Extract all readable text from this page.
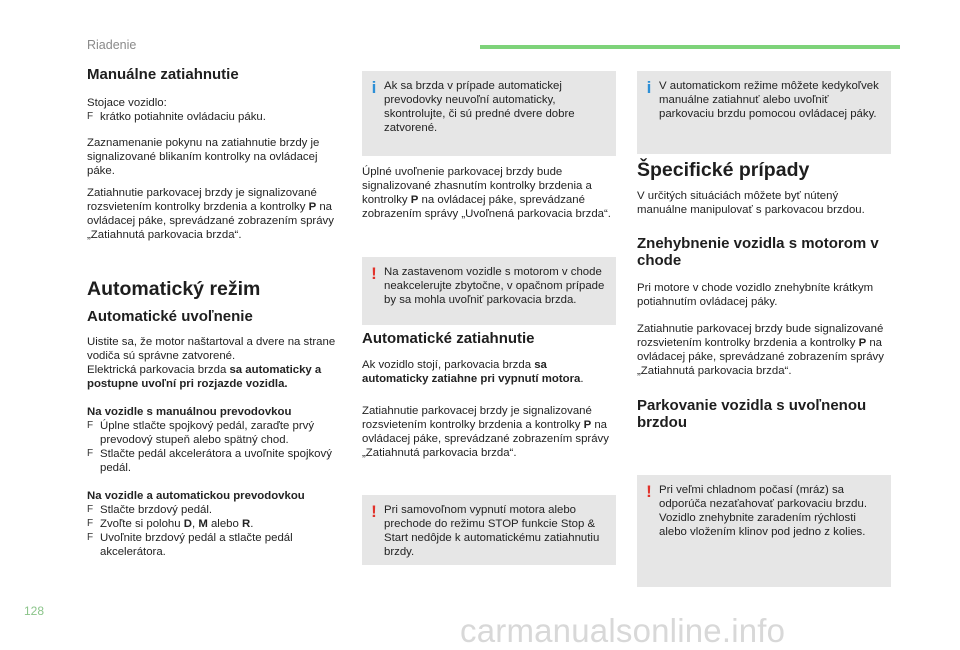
Riadenie
Manuálne zatiahnutie

Stojace vozidlo:

F krátko potiahnite ovládaciu páku.

Zaznamenanie pokynu na zatiahnutie brzdy je signalizované blikaním kontrolky na ovládacej páke.

Zatiahnutie parkovacej brzdy je signalizované rozsvietením kontrolky brzdenia a kontrolky P na ovládacej páke, sprevádzané zobrazením správy „Zatiahnutá parkovacia brzda“.

Automatický režim
Automatické uvoľnenie

Uistite sa, že motor naštartoval a dvere na strane vodiča sú správne zatvorené.

Elektrická parkovacia brzda sa automaticky a postupne uvoľní pri rozjazde vozidla.

Na vozidle s manuálnou prevodovkou

F Úplne stlačte spojkový pedál, zaraďte prvý prevodový stupeň alebo spätný chod.
F Stlačte pedál akcelerátora a uvoľnite spojkový pedál.

Na vozidle a automatickou prevodovkou

F Stlačte brzdový pedál.
F Zvoľte si polohu D, M alebo R.
F Uvoľnite brzdový pedál a stlačte pedál akcelerátora.
i Ak sa brzda v prípade automatickej prevodovky neuvoľní automaticky, skontrolujte, či sú predné dvere dobre zatvorené.

Úplné uvoľnenie parkovacej brzdy bude signalizované zhasnutím kontrolky brzdenia a kontrolky P na ovládacej páke, sprevádzané zobrazením správy „Uvoľnená parkovacia brzda“.

! Na zastavenom vozidle s motorom v chode neakcelerujte zbytočne, v opačnom prípade by sa mohla uvoľniť parkovacia brzda.
Automatické zatiahnutie

Ak vozidlo stojí, parkovacia brzda sa automaticky zatiahne pri vypnutí motora.

Zatiahnutie parkovacej brzdy je signalizované rozsvietením kontrolky brzdenia a kontrolky P na ovládacej páke, sprevádzané zobrazením správy „Zatiahnutá parkovacia brzda“.

! Pri samovoľnom vypnutí motora alebo prechode do režimu STOP funkcie Stop & Start nedôjde k automatickému zatiahnutiu brzdy.
i V automatickom režime môžete kedykoľvek manuálne zatiahnuť alebo uvoľniť parkovaciu brzdu pomocou ovládacej páky.
Špecifické prípady

V určitých situáciách môžete byť nútený manuálne manipulovať s parkovacou brzdou.

Znehybnenie vozidla s motorom v chode

Pri motore v chode vozidlo znehybníte krátkym potiahnutím ovládacej páky.

Zatiahnutie parkovacej brzdy bude signalizované rozsvietením kontrolky brzdenia a kontrolky P na ovládacej páke, sprevádzané zobrazením správy „Zatiahnutá parkovacia brzda“.

Parkovanie vozidla s uvoľnenou brzdou
! Pri veľmi chladnom počasí (mráz) sa odporúča nezaťahovať parkovaciu brzdu. Vozidlo znehybnite zaradením rýchlosti alebo vložením klinov pod jedno z kolies.
128
carmanualsonline.info
